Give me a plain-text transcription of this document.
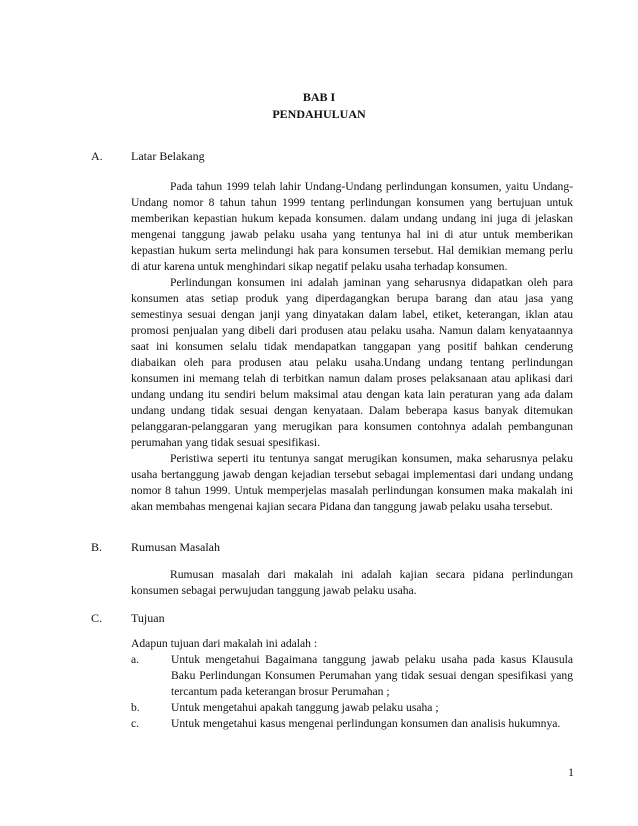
BAB I
PENDAHULUAN
A. Latar Belakang

Pada tahun 1999 telah lahir Undang-Undang perlindungan konsumen, yaitu Undang-Undang nomor 8 tahun tahun 1999 tentang perlindungan konsumen yang bertujuan untuk memberikan kepastian hukum kepada konsumen. dalam undang undang ini juga di jelaskan mengenai tanggung jawab pelaku usaha yang tentunya hal ini di atur untuk memberikan kepastian hukum serta melindungi hak para konsumen tersebut. Hal demikian memang perlu di atur karena untuk menghindari sikap negatif pelaku usaha terhadap konsumen.

Perlindungan konsumen ini adalah jaminan yang seharusnya didapatkan oleh para konsumen atas setiap produk yang diperdagangkan berupa barang dan atau jasa yang semestinya sesuai dengan janji yang dinyatakan dalam label, etiket, keterangan, iklan atau promosi penjualan yang dibeli dari produsen atau pelaku usaha. Namun dalam kenyataannya saat ini konsumen selalu tidak mendapatkan tanggapan yang positif bahkan cenderung diabaikan oleh para produsen atau pelaku usaha.Undang undang tentang perlindungan konsumen ini memang telah di terbitkan namun dalam proses pelaksanaan atau aplikasi dari undang undang itu sendiri belum maksimal atau dengan kata lain peraturan yang ada dalam undang undang tidak sesuai dengan kenyataan. Dalam beberapa kasus banyak ditemukan pelanggaran-pelanggaran yang merugikan para konsumen contohnya adalah pembangunan perumahan yang tidak sesuai spesifikasi.

Peristiwa seperti itu tentunya sangat merugikan konsumen, maka seharusnya pelaku usaha bertanggung jawab dengan kejadian tersebut sebagai implementasi dari undang undang nomor 8 tahun 1999. Untuk memperjelas masalah perlindungan konsumen maka makalah ini akan membahas mengenai kajian secara Pidana dan tanggung jawab pelaku usaha tersebut.

B. Rumusan Masalah

Rumusan masalah dari makalah ini adalah kajian secara pidana perlindungan konsumen sebagai perwujudan tanggung jawab pelaku usaha.

C. Tujuan

Adapun tujuan dari makalah ini adalah :

a.	Untuk mengetahui Bagaimana tanggung jawab pelaku usaha pada kasus Klausula Baku Perlindungan Konsumen Perumahan yang tidak sesuai dengan spesifikasi yang tercantum pada keterangan brosur Perumahan ;
b.	Untuk mengetahui apakah tanggung jawab pelaku usaha ;
c.	Untuk mengetahui kasus mengenai perlindungan konsumen dan analisis hukumnya.
1
